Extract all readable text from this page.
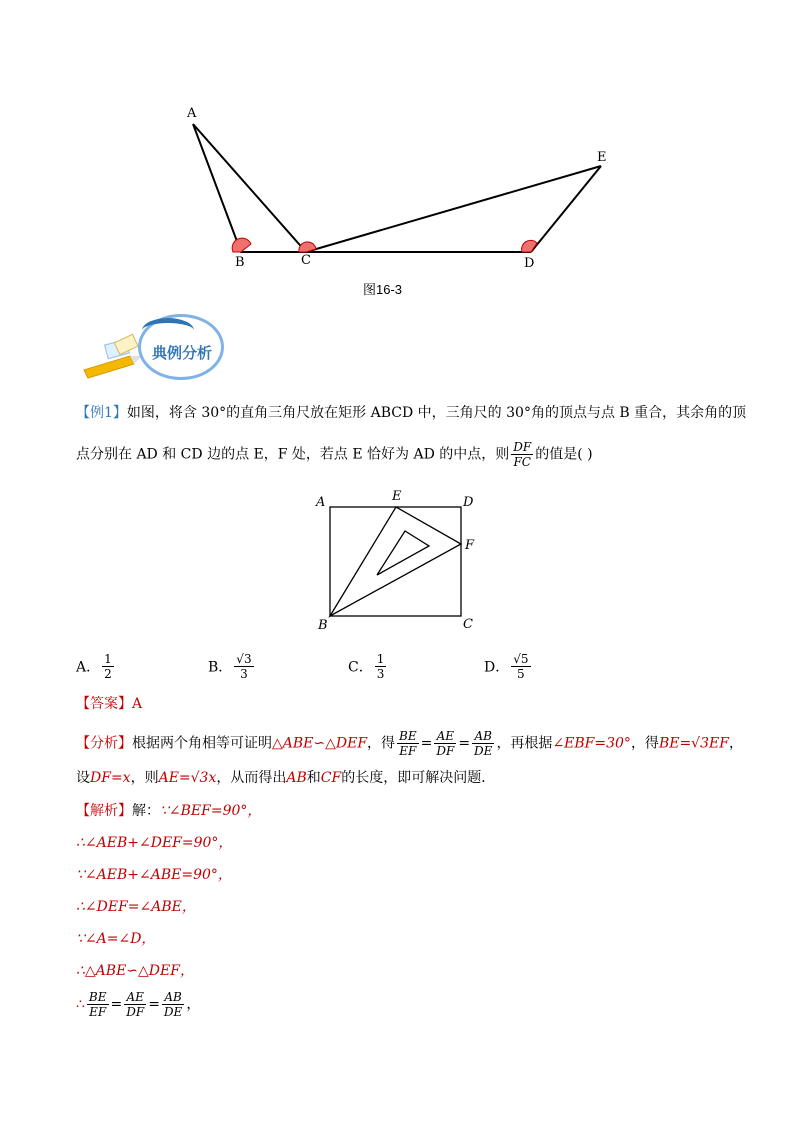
A
B	C	D
E
图16-3
典例分析
【例1】如图，将含 30°的直角三角尺放在矩形 ABCD 中，三角尺的 30°角的顶点与点 B 重合，其余角的顶
点分别在 AD 和 CD 边的点 E，F 处，若点 E 恰好为 AD 的中点，则 $\frac{DF}{FC}$ 的值是( )
A	E	D
F
B	C
A． $\frac{1}{2}$	B． $\frac{√3}{3}$	C． $\frac{1}{3}$	D． $\frac{√5}{5}$
【答案】A
【分析】根据两个角相等可证明△ABE∽△DEF，得 $\frac{BE}{EF} = \frac{AE}{DF} = \frac{AB}{DE}$ ，再根据∠EBF=30°，得BE=√3EF，
设DF=x，则AE=√3x，从而得出AB和CF的长度，即可解决问题．
【解析】解：∵∠BEF=90°，
∴∠AEB+∠DEF=90°，
∵∠AEB+∠ABE=90°，
∴∠DEF=∠ABE，
∵∠A=∠D，
∴△ABE∽△DEF，
∴ $\frac{BE}{EF} = \frac{AE}{DF} = \frac{AB}{DE}$ ，
